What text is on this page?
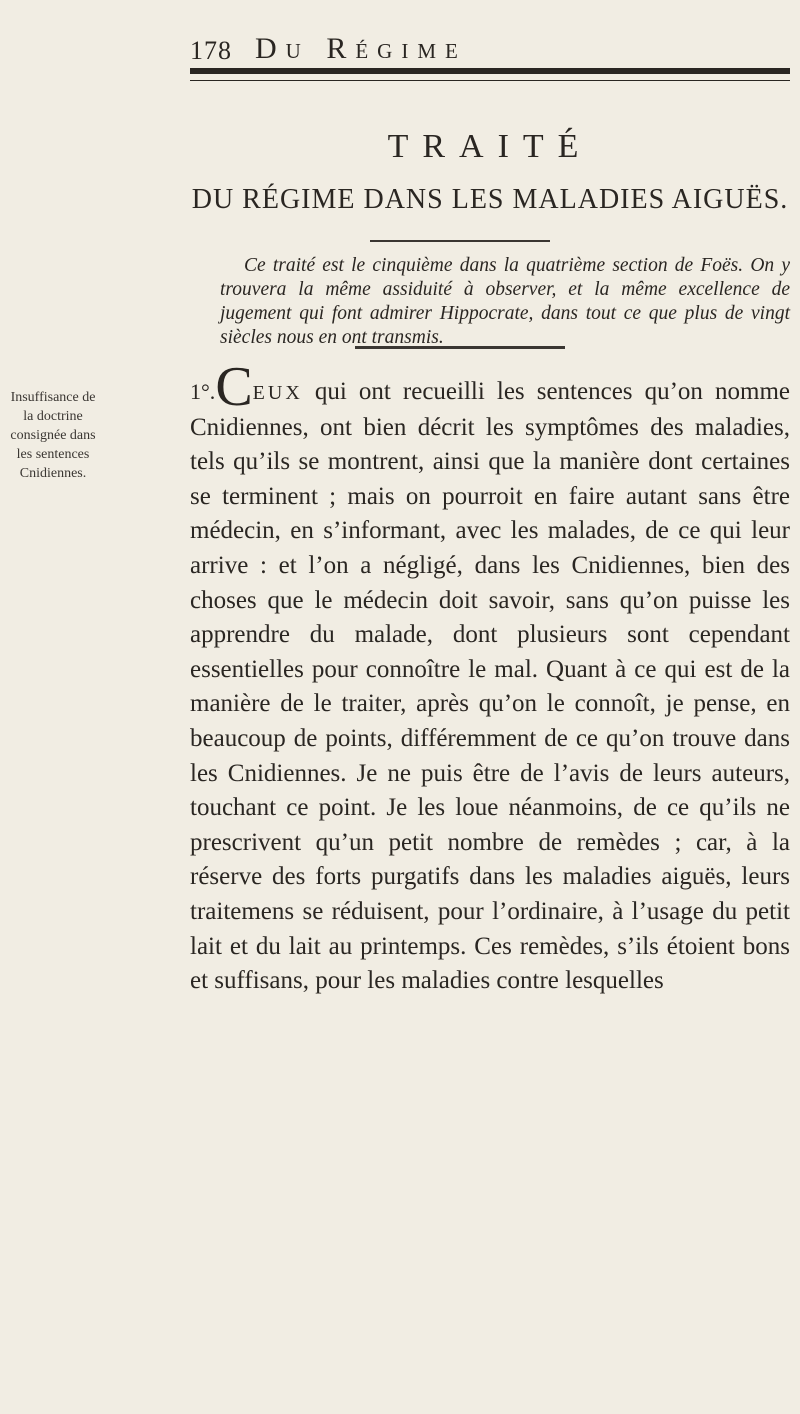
178 Du Régime
TRAITÉ
DU RÉGIME DANS LES MALADIES AIGUËS.
Ce traité est le cinquième dans la quatrième section de Foës. On y trouvera la même assiduité à observer, et la même excellence de jugement qui font admirer Hippocrate, dans tout ce que plus de vingt siècles nous en ont transmis.
Insuffisance de la doctrine consignée dans les sentences Cnidiennes.

1°.CEUX qui ont recueilli les sentences qu’on nomme Cnidiennes, ont bien décrit les symptômes des maladies, tels qu’ils se montrent, ainsi que la manière dont certaines se terminent ; mais on pourroit en faire autant sans être médecin, en s’informant, avec les malades, de ce qui leur arrive : et l’on a négligé, dans les Cnidiennes, bien des choses que le médecin doit savoir, sans qu’on puisse les apprendre du malade, dont plusieurs sont cependant essentielles pour connoître le mal. Quant à ce qui est de la manière de le traiter, après qu’on le connoît, je pense, en beaucoup de points, différemment de ce qu’on trouve dans les Cnidiennes. Je ne puis être de l’avis de leurs auteurs, touchant ce point. Je les loue néanmoins, de ce qu’ils ne prescrivent qu’un petit nombre de remèdes ; car, à la réserve des forts purgatifs dans les maladies aiguës, leurs traitemens se réduisent, pour l’ordinaire, à l’usage du petit lait et du lait au printemps. Ces remèdes, s’ils étoient bons et suffisans, pour les maladies contre lesquelles
